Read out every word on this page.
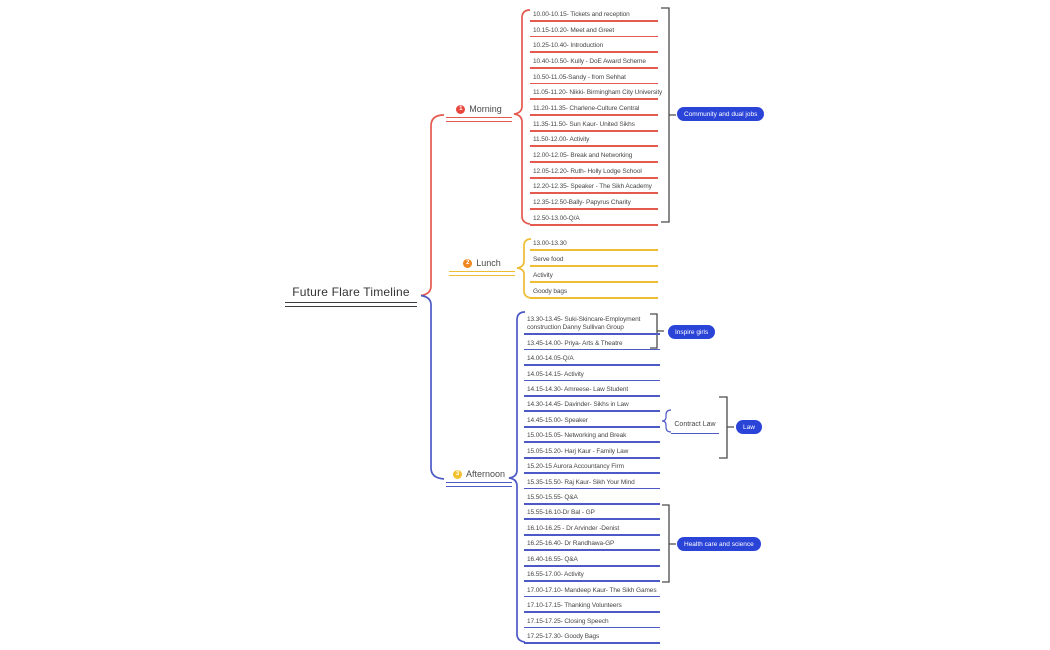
Future Flare Timeline
1 Morning
2 Lunch
3 Afternoon
10.00-10.15- Tickets and reception
10.15-10.20- Meet and Greet
10.25-10.40- Introduction
10.40-10.50- Kully - DoE Award Scheme
10.50-11.05-Sandy - from Sehhat
11.05-11.20- Nikki- Birmingham City University
11.20-11.35- Charlene-Culture Central
11.35-11.50- Sun Kaur- United Sikhs
11.50-12.00- Activity
12.00-12.05- Break and Networking
12.05-12.20- Ruth- Holly Lodge School
12.20-12.35- Speaker - The Sikh Academy
12.35-12.50-Bally- Papyrus Charity
12.50-13.00-Q/A
13.00-13.30
Serve food
Activity
Goody bags
13.30-13.45- Suki-Skincare-Employment construction Danny Sullivan Group
13.45-14.00- Priya- Arts & Theatre
14.00-14.05-Q/A
14.05-14.15- Activity
14.15-14.30- Amreese- Law Student
14.30-14.45- Davinder- Sikhs in Law
14.45-15.00- Speaker
15.00-15.05- Networking and Break
15.05-15.20- Harj Kaur - Family Law
15.20-15 Aurora Accountancy Firm
15.35-15.50- Raj Kaur- Sikh Your Mind
15.50-15.55- Q&A
15.55-16.10-Dr Bal - GP
16.10-16.25 - Dr Arvinder -Denist
16.25-16.40- Dr Randhawa-GP
16.40-16.55- Q&A
16.55-17.00- Activity
17.00-17.10- Mandeep Kaur- The Sikh Games
17.10-17.15- Thanking Volunteers
17.15-17.25- Closing Speech
17.25-17.30- Goody Bags
Community and dual jobs
Inspire girls
Contract Law	Law
Health care and science
